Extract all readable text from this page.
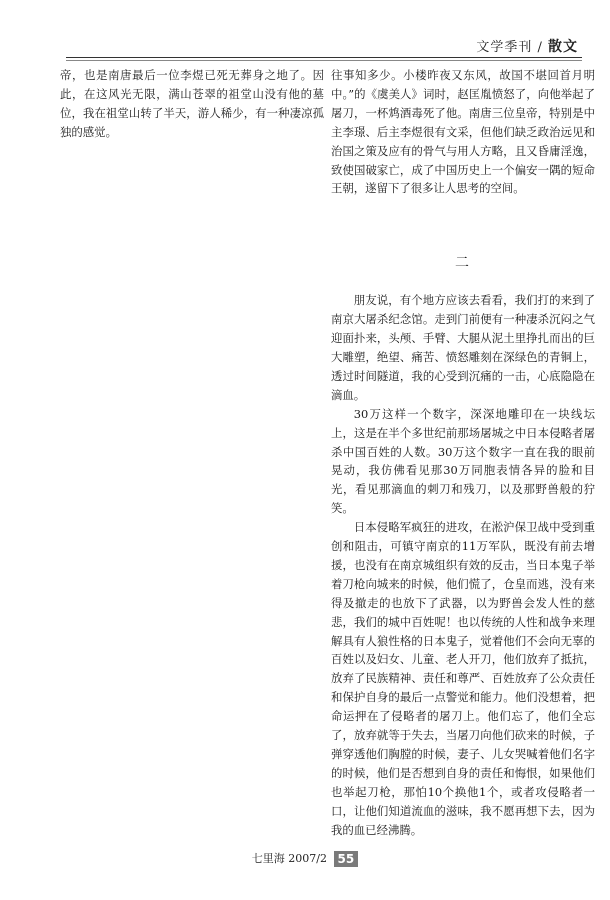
文学季刊 / 散文

帝，也是南唐最后一位李煜已死无葬身之地了。因此，在这风光无限，满山苍翠的祖堂山没有他的墓位，我在祖堂山转了半天，游人稀少，有一种凄凉孤独的感觉。

往事知多少。小楼昨夜又东风，故国不堪回首月明中。”的《虞美人》词时，赵匡胤愤怒了，向他举起了屠刀，一杯鸩酒毒死了他。南唐三位皇帝，特别是中主李璟、后主李煜很有文采，但他们缺乏政治远见和治国之策及应有的骨气与用人方略，且又昏庸淫逸，致使国破家亡，成了中国历史上一个偏安一隅的短命王朝，遂留下了很多让人思考的空间。

二

朋友说，有个地方应该去看看，我们打的来到了南京大屠杀纪念馆。走到门前便有一种凄杀沉闷之气迎面扑来，头颅、手臂、大腿从泥土里挣扎而出的巨大雕塑，绝望、痛苦、愤怒雕刻在深绿色的青铜上，透过时间隧道，我的心受到沉痛的一击，心底隐隐在滴血。

30万这样一个数字，深深地雕印在一块线坛上，这是在半个多世纪前那场屠城之中日本侵略者屠杀中国百姓的人数。30万这个数字一直在我的眼前晃动，我仿佛看见那30万同胞表情各异的脸和目光，看见那滴血的刺刀和残刀，以及那野兽般的狞笑。

日本侵略军疯狂的进攻，在淞沪保卫战中受到重创和阻击，可镇守南京的11万军队，既没有前去增援，也没有在南京城组织有效的反击，当日本鬼子举着刀枪向城来的时候，他们慌了，仓皇而逃，没有来得及撤走的也放下了武器，以为野兽会发人性的慈悲，我们的城中百姓呢！也以传统的人性和战争来理解具有人狼性格的日本鬼子，觉着他们不会向无辜的百姓以及妇女、儿童、老人开刀，他们放弃了抵抗，放弃了民族精神、责任和尊严、百姓放弃了公众责任和保护自身的最后一点警觉和能力。他们没想着，把命运押在了侵略者的屠刀上。他们忘了，他们全忘了，放弃就等于失去，当屠刀向他们砍来的时候，子弹穿透他们胸膛的时候，妻子、儿女哭喊着他们名字的时候，他们是否想到自身的责任和悔恨，如果他们也举起刀枪，那怕10个换他1个，或者攻侵略者一口，让他们知道流血的滋味，我不愿再想下去，因为我的血已经沸腾。

七里海 2007/2 55
